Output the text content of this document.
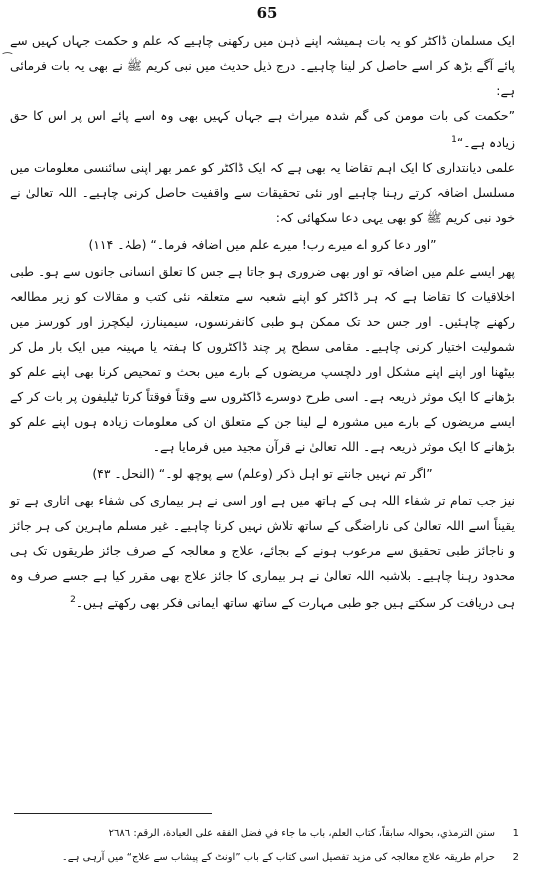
65
⁀

ایک مسلمان ڈاکٹر کو یہ بات ہمیشہ اپنے ذہن میں رکھنی چاہیے کہ علم و حکمت جہاں کہیں سے پائے آگے بڑھ کر اسے حاصل کر لینا چاہیے۔ درج ذیل حدیث میں نبی کریم ﷺ نے بھی یہ بات فرمائی ہے:

”حکمت کی بات مومن کی گم شدہ میراث ہے جہاں کہیں بھی وہ اسے پائے اس پر اس کا حق زیادہ ہے۔“$^1$

علمی دیانتداری کا ایک اہم تقاضا یہ بھی ہے کہ ایک ڈاکٹر کو عمر بھر اپنی سائنسی معلومات میں مسلسل اضافہ کرتے رہنا چاہیے اور نئی تحقیقات سے واقفیت حاصل کرنی چاہیے۔ اللہ تعالیٰ نے خود نبی کریم ﷺ کو بھی یہی دعا سکھائی کہ:

”اور دعا کرو اے میرے رب! میرے علم میں اضافہ فرما۔“ (طہٰ۔ ۱۱۴)

پھر ایسے علم میں اضافہ تو اور بھی ضروری ہو جاتا ہے جس کا تعلق انسانی جانوں سے ہو۔ طبی اخلاقیات کا تقاضا ہے کہ ہر ڈاکٹر کو اپنے شعبہ سے متعلقہ نئی کتب و مقالات کو زیر مطالعہ رکھنے چاہئیں۔ اور جس حد تک ممکن ہو طبی کانفرنسوں، سیمینارز، لیکچرز اور کورسز میں شمولیت اختیار کرنی چاہیے۔ مقامی سطح پر چند ڈاکٹروں کا ہفتہ یا مہینہ میں ایک بار مل کر بیٹھنا اور اپنے اپنے مشکل اور دلچسپ مریضوں کے بارے میں بحث و تمحیص کرنا بھی اپنے علم کو بڑھانے کا ایک موثر ذریعہ ہے۔ اسی طرح دوسرے ڈاکٹروں سے وقتاً فوقتاً کرتا ٹیلیفون پر بات کر کے ایسے مریضوں کے بارے میں مشورہ لے لینا جن کے متعلق ان کی معلومات زیادہ ہوں اپنے علم کو بڑھانے کا ایک موثر ذریعہ ہے۔ اللہ تعالیٰ نے قرآن مجید میں فرمایا ہے۔

”اگر تم نہیں جانتے تو اہل ذکر (وعلم) سے پوچھ لو۔“ (النحل۔ ۴۳)

نیز جب تمام تر شفاء اللہ ہی کے ہاتھ میں ہے اور اسی نے ہر بیماری کی شفاء بھی اتاری ہے تو یقیناً اسے اللہ تعالیٰ کی ناراضگی کے ساتھ تلاش نہیں کرنا چاہیے۔ غیر مسلم ماہرین کی ہر جائز و ناجائز طبی تحقیق سے مرعوب ہونے کے بجائے، علاج و معالجہ کے صرف جائز طریقوں تک ہی محدود رہنا چاہیے۔ بلاشبہ اللہ تعالیٰ نے ہر بیماری کا جائز علاج بھی مقرر کیا ہے جسے صرف وہ ہی دریافت کر سکتے ہیں جو طبی مہارت کے ساتھ ساتھ ایمانی فکر بھی رکھتے ہیں۔$^2$

سنن الترمذي، بحوالہ سابقاً، كتاب العلم، باب ما جاء في فضل الفقه على العبادة، الرقم: ٢٦٨٦	1
حرام طریقہ علاج معالجہ کی مزید تفصیل اسی کتاب کے باب ”اونٹ کے پیشاب سے علاج“ میں آرہی ہے۔	2
